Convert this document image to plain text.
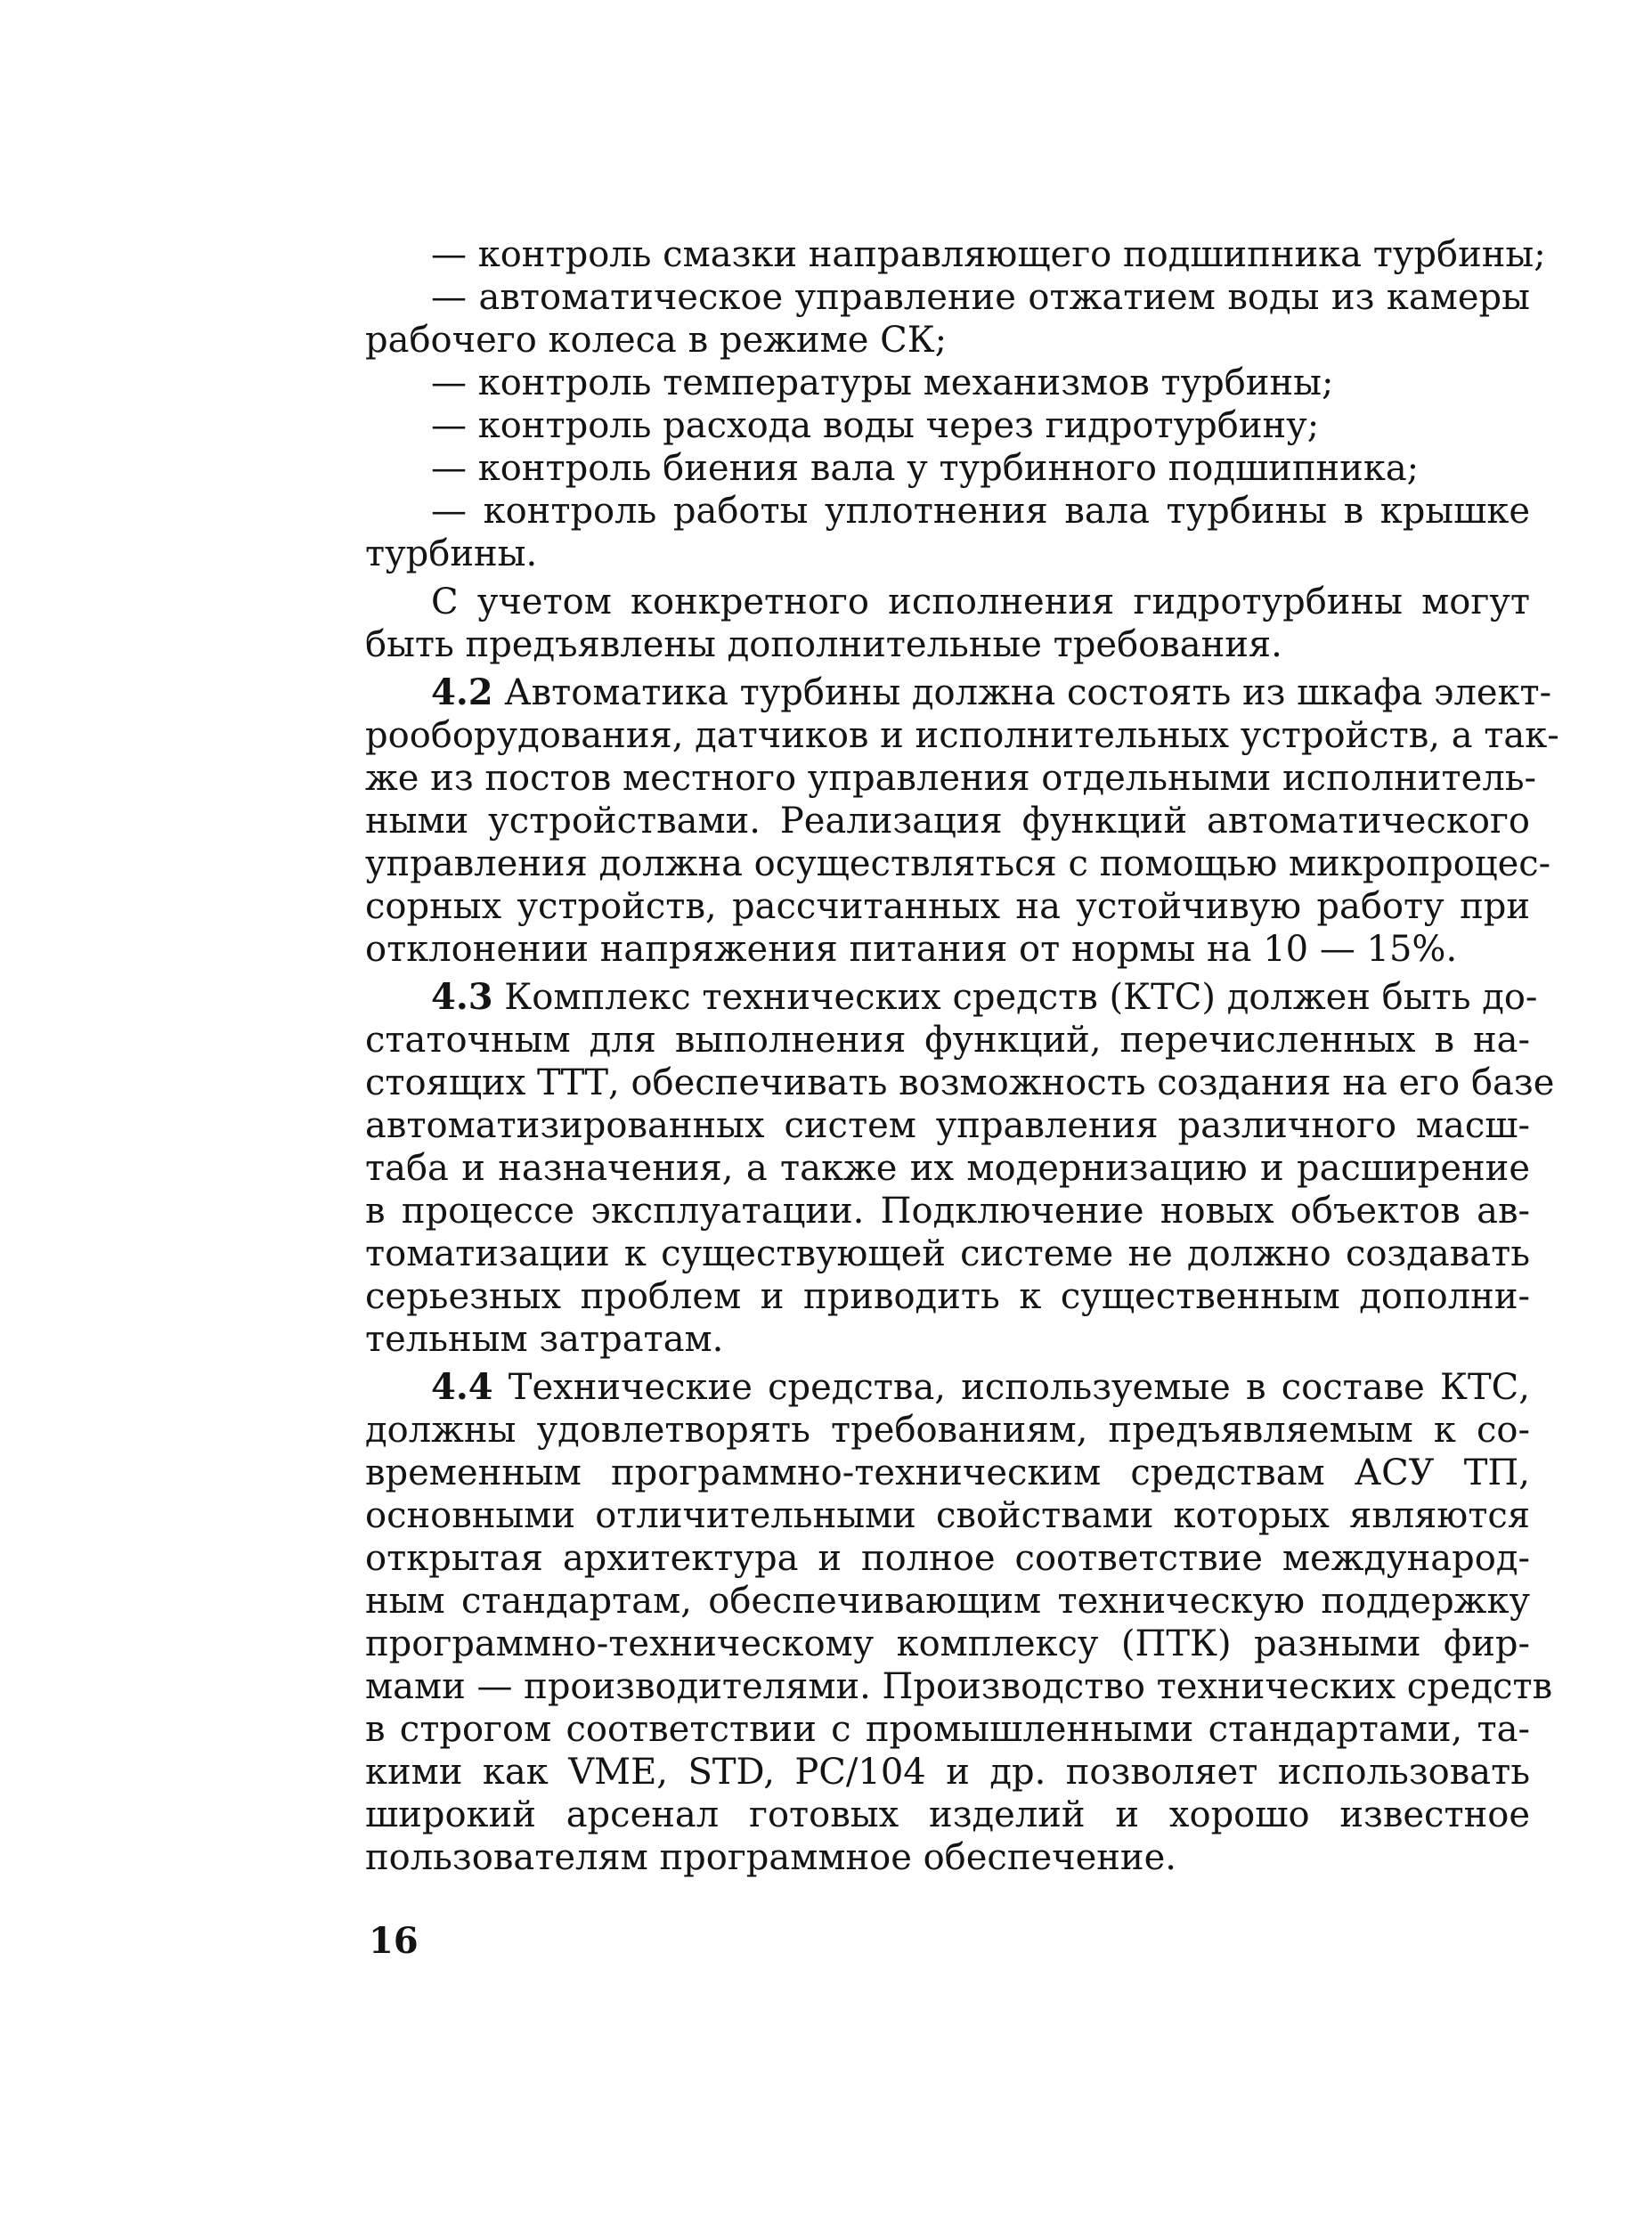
— контроль смазки направляющего подшипника турбины;
— автоматическое управление отжатием воды из камеры
рабочего колеса в режиме СК;
— контроль температуры механизмов турбины;
— контроль расхода воды через гидротурбину;
— контроль биения вала у турбинного подшипника;
— контроль работы уплотнения вала турбины в крышке
турбины.
С учетом конкретного исполнения гидротурбины могут
быть предъявлены дополнительные требования.
4.2 Автоматика турбины должна состоять из шкафа элект-
рооборудования, датчиков и исполнительных устройств, а так-
же из постов местного управления отдельными исполнитель-
ными устройствами. Реализация функций автоматического
управления должна осуществляться с помощью микропроцес-
сорных устройств, рассчитанных на устойчивую работу при
отклонении напряжения питания от нормы на 10 — 15%.
4.3 Комплекс технических средств (КТС) должен быть до-
статочным для выполнения функций, перечисленных в на-
стоящих ТТТ, обеспечивать возможность создания на его базе
автоматизированных систем управления различного масш-
таба и назначения, а также их модернизацию и расширение
в процессе эксплуатации. Подключение новых объектов ав-
томатизации к существующей системе не должно создавать
серьезных проблем и приводить к существенным дополни-
тельным затратам.
4.4 Технические средства, используемые в составе КТС,
должны удовлетворять требованиям, предъявляемым к со-
временным программно-техническим средствам АСУ ТП,
основными отличительными свойствами которых являются
открытая архитектура и полное соответствие международ-
ным стандартам, обеспечивающим техническую поддержку
программно-техническому комплексу (ПТК) разными фир-
мами — производителями. Производство технических средств
в строгом соответствии с промышленными стандартами, та-
кими как VME, STD, PC/104 и др. позволяет использовать
широкий арсенал готовых изделий и хорошо известное
пользователям программное обеспечение.
16
